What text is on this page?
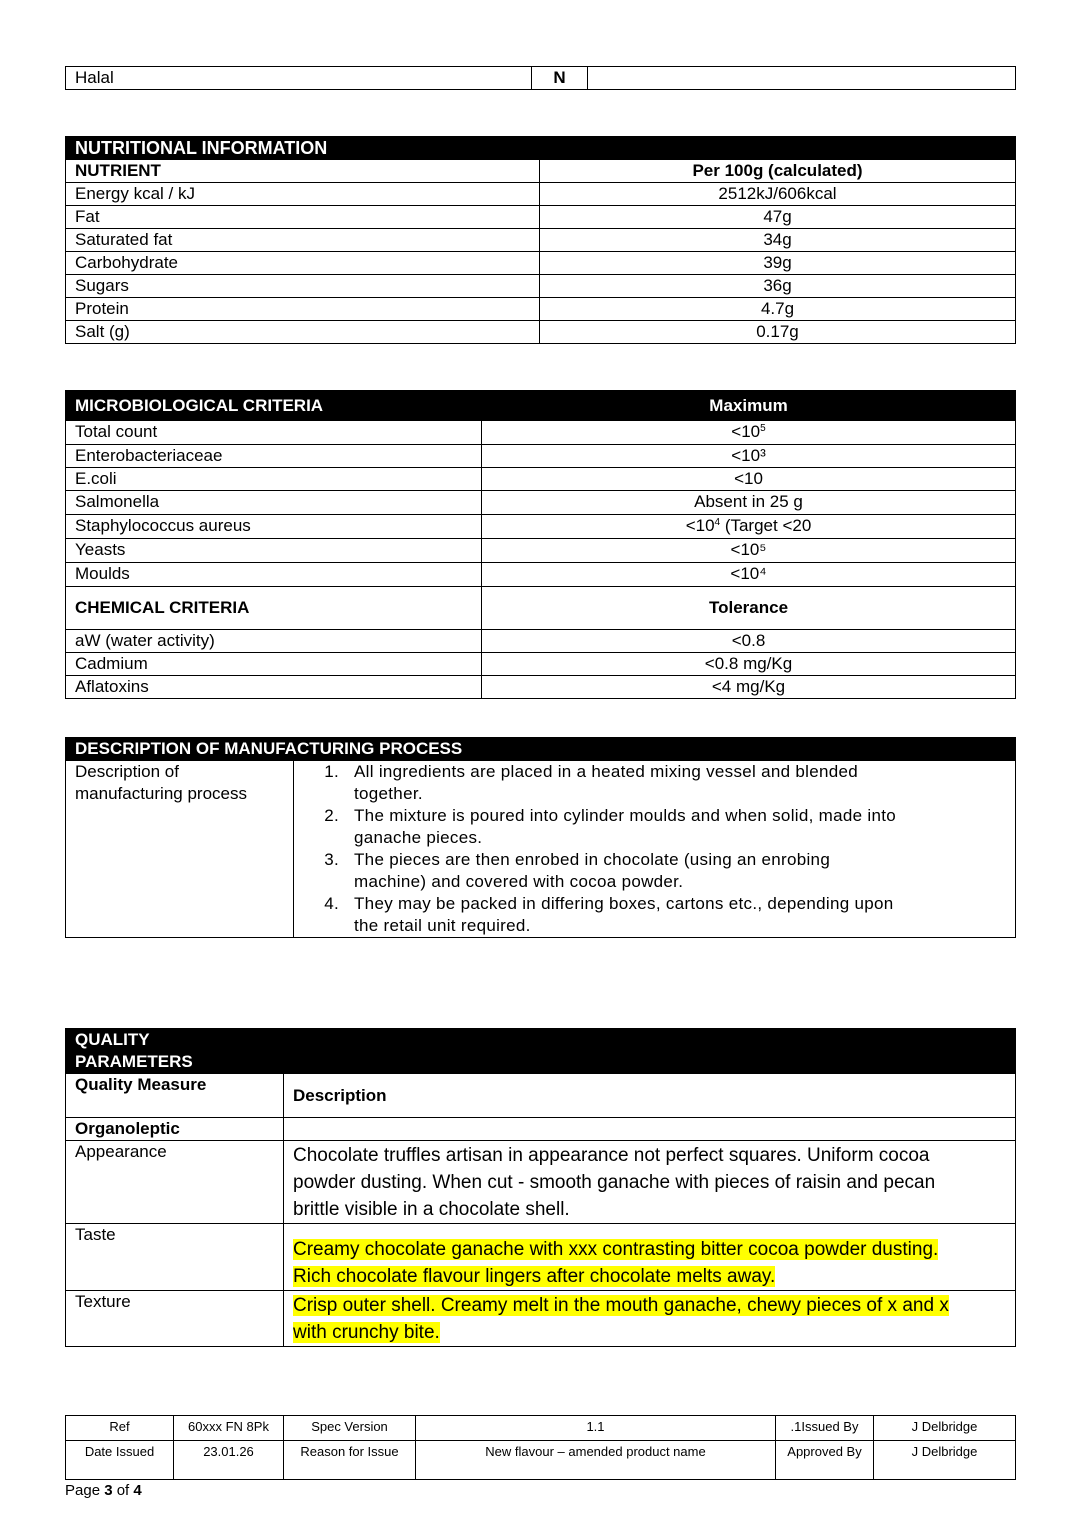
Halal	N	
NUTRITIONAL INFORMATION	
NUTRIENT	Per 100g (calculated)
Energy kcal / kJ	2512kJ/606kcal
Fat	47g
Saturated fat	34g
Carbohydrate	39g
Sugars	36g
Protein	4.7g
Salt (g)	0.17g
MICROBIOLOGICAL CRITERIA	Maximum
Total count	$<10^5$
Enterobacteriaceae	<10³
E.coli	<10
Salmonella	Absent in 25 g
Staphylococcus aureus	$<10^4$ (Target <20
Yeasts	<10⁵
Moulds	<10⁴
CHEMICAL CRITERIA	Tolerance
aW (water activity)	<0.8
Cadmium	<0.8 mg/Kg
Aflatoxins	<4 mg/Kg
DESCRIPTION OF MANUFACTURING PROCESS

Description of
manufacturing process

1. All ingredients are placed in a heated mixing vessel and blended
together.
2. The mixture is poured into cylinder moulds and when solid, made into
ganache pieces.
3. The pieces are then enrobed in chocolate (using an enrobing
machine) and covered with cocoa powder.
4. They may be packed in differing boxes, cartons etc., depending upon
the retail unit required.
QUALITY
PARAMETERS	

Quality Measure	Description
Organoleptic	
Appearance	Chocolate truffles artisan in appearance not perfect squares. Uniform cocoa
powder dusting. When cut - smooth ganache with pieces of raisin and pecan
brittle visible in a chocolate shell.

Taste	Creamy chocolate ganache with xxx contrasting bitter cocoa powder dusting.
Rich chocolate flavour lingers after chocolate melts away.

Texture	Crisp outer shell. Creamy melt in the mouth ganache, chewy pieces of x and x
with crunchy bite.
Ref	60xxx FN 8Pk	Spec Version	1.1	.1Issued By	J Delbridge
Date Issued	23.01.26	Reason for Issue	New flavour – amended product name	Approved By	J Delbridge
Page 3 of 4
